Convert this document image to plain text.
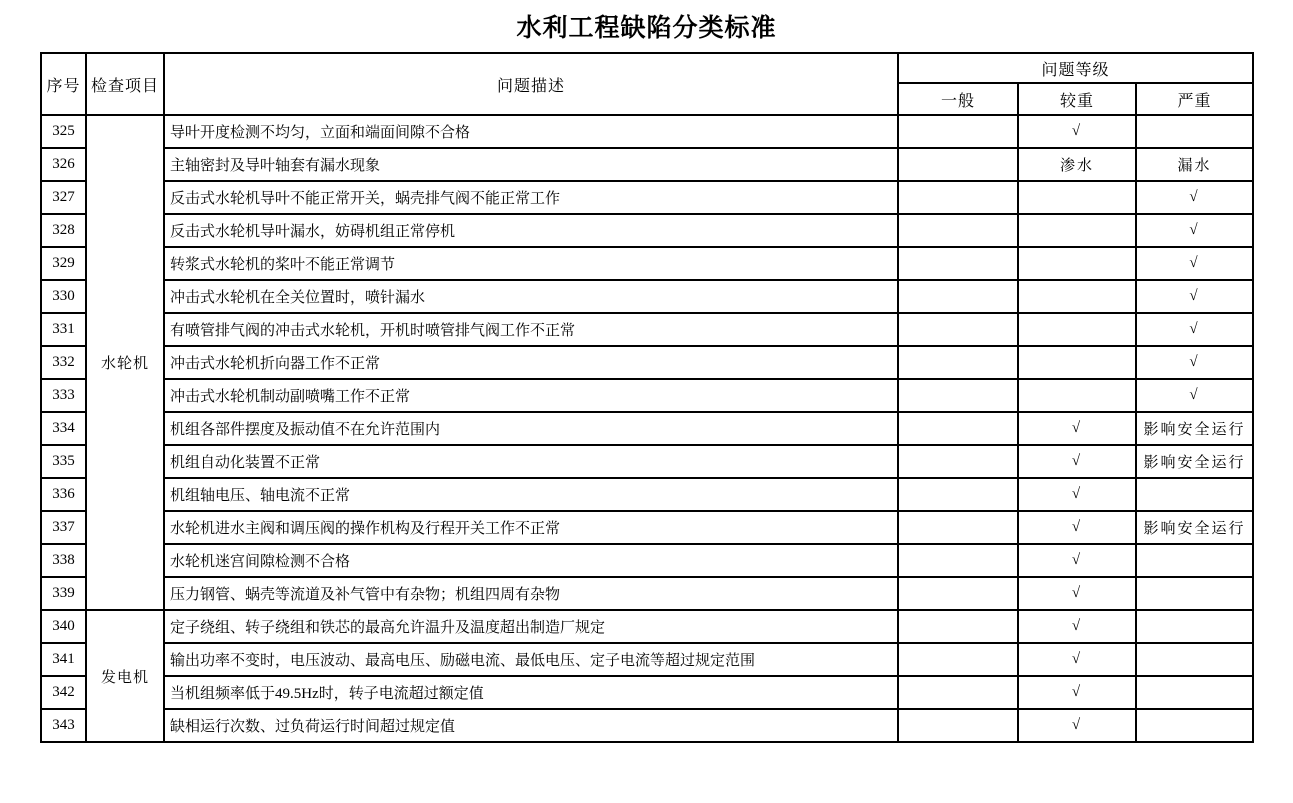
水利工程缺陷分类标准
序号	检查项目	问题描述	问题等级		
			一般	较重	严重
325	水轮机	导叶开度检测不均匀，立面和端面间隙不合格		√	
326		主轴密封及导叶轴套有漏水现象		渗水	漏水
327		反击式水轮机导叶不能正常开关，蜗壳排气阀不能正常工作			√
328		反击式水轮机导叶漏水，妨碍机组正常停机			√
329		转浆式水轮机的桨叶不能正常调节			√
330		冲击式水轮机在全关位置时，喷针漏水			√
331		有喷管排气阀的冲击式水轮机，开机时喷管排气阀工作不正常			√
332		冲击式水轮机折向器工作不正常			√
333		冲击式水轮机制动副喷嘴工作不正常			√
334		机组各部件摆度及振动值不在允许范围内		√	影响安全运行
335		机组自动化装置不正常		√	影响安全运行
336		机组轴电压、轴电流不正常		√	
337		水轮机进水主阀和调压阀的操作机构及行程开关工作不正常		√	影响安全运行
338		水轮机迷宫间隙检测不合格		√	
339		压力钢管、蜗壳等流道及补气管中有杂物；机组四周有杂物		√	
340	发电机	定子绕组、转子绕组和铁芯的最高允许温升及温度超出制造厂规定		√	
341		输出功率不变时，电压波动、最高电压、励磁电流、最低电压、定子电流等超过规定范围		√	
342		当机组频率低于49.5Hz时，转子电流超过额定值		√	
343		缺相运行次数、过负荷运行时间超过规定值		√	
